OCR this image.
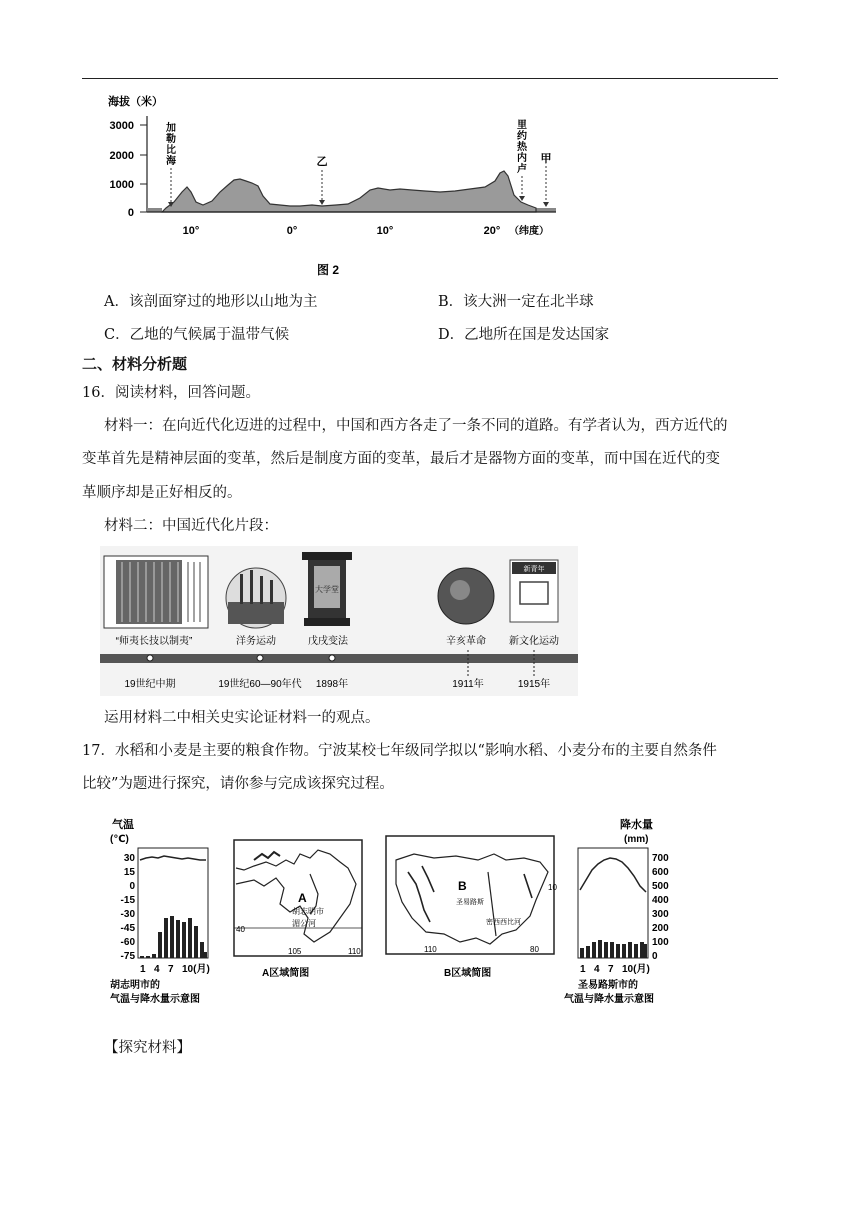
海拔（米）
3000
2000
1000
0
加
勒
比
海
里
约
热
内
卢
乙	甲
10°	0°	10°	20° （纬度）
图 2
A．该剖面穿过的地形以山地为主	B．该大洲一定在北半球
C．乙地的气候属于温带气候	D．乙地所在国是发达国家
二、材料分析题
16．阅读材料，回答问题。
材料一：在向近代化迈进的过程中，中国和西方各走了一条不同的道路。有学者认为，西方近代的
变革首先是精神层面的变革，然后是制度方面的变革，最后才是器物方面的变革，而中国在近代的变
革顺序却是正好相反的。
材料二：中国近代化片段：
大学堂
新青年
“师夷长技以制夷”	洋务运动	戊戌变法	辛亥革命 新文化运动
19世纪中期	19世纪60—90年代 1898年	1911年	1915年
运用材料二中相关史实论证材料一的观点。
17．水稻和小麦是主要的粮食作物。宁波某校七年级同学拟以“影响水稻、小麦分布的主要自然条件
比较”为题进行探究，请你参与完成该探究过程。
气温
(℃)
30
15
0
-15
-30
-45
-60
-75
1 4 7 10(月)
胡志明市的
气温与降水量示意图
A
胡志明市
湄公河
40
105	110
A区域简图
B
圣易路斯
密西西比河
10
110	80
B区域简图
降水量
(mm)
700
600
500
400
300
200
100
0
1 4 7 10(月)
圣易路斯市的
气温与降水量示意图
【探究材料】
